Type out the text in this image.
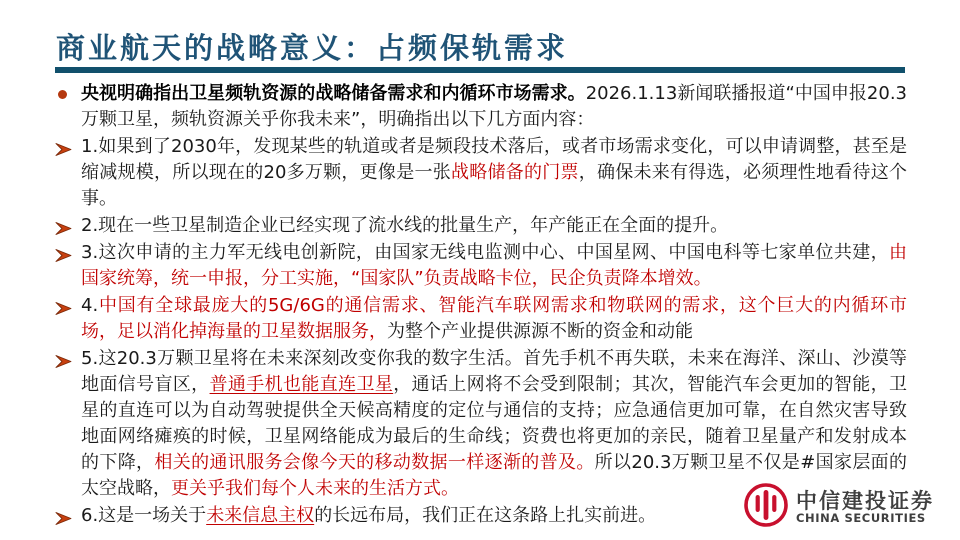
商业航天的战略意义：占频保轨需求
央视明确指出卫星频轨资源的战略储备需求和内循环市场需求。2026.1.13新闻联播报道“中国申报20.3万颗卫星，频轨资源关乎你我未来”，明确指出以下几方面内容：
1.如果到了2030年，发现某些的轨道或者是频段技术落后，或者市场需求变化，可以申请调整，甚至是缩减规模，所以现在的20多万颗，更像是一张战略储备的门票，确保未来有得选，必须理性地看待这个事。
2.现在一些卫星制造企业已经实现了流水线的批量生产，年产能正在全面的提升。
3.这次申请的主力军无线电创新院，由国家无线电监测中心、中国星网、中国电科等七家单位共建，由国家统筹，统一申报，分工实施，“国家队”负责战略卡位，民企负责降本增效。
4.中国有全球最庞大的5G/6G的通信需求、智能汽车联网需求和物联网的需求，这个巨大的内循环市场，足以消化掉海量的卫星数据服务，为整个产业提供源源不断的资金和动能
5.这20.3万颗卫星将在未来深刻改变你我的数字生活。首先手机不再失联，未来在海洋、深山、沙漠等地面信号盲区，普通手机也能直连卫星，通话上网将不会受到限制；其次，智能汽车会更加的智能，卫星的直连可以为自动驾驶提供全天候高精度的定位与通信的支持；应急通信更加可靠，在自然灾害导致地面网络瘫痪的时候，卫星网络能成为最后的生命线；资费也将更加的亲民，随着卫星量产和发射成本的下降，相关的通讯服务会像今天的移动数据一样逐渐的普及。所以20.3万颗卫星不仅是#国家层面的太空战略，更关乎我们每个人未来的生活方式。
6.这是一场关于未来信息主权的长远布局，我们正在这条路上扎实前进。
中信建投证券
CHINA SECURITIES
